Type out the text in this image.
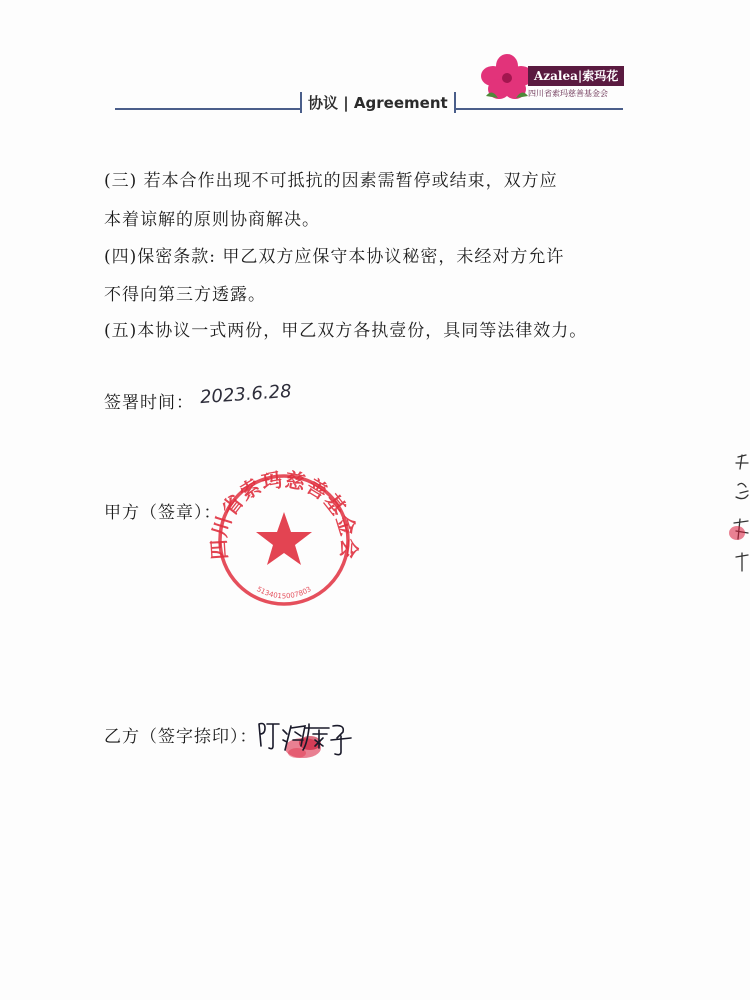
协议 | Agreement
Azalea|索玛花
四川省索玛慈善基金会
(三) 若本合作出现不可抵抗的因素需暂停或结束，双方应
本着谅解的原则协商解决。
(四)保密条款: 甲乙双方应保守本协议秘密，未经对方允许
不得向第三方透露。
(五)本协议一式两份，甲乙双方各执壹份，具同等法律效力。
签署时间： 2023.6.28
甲方（签章）：
四川省索玛慈善基金会
5134015007803
乙方（签字捺印）：
